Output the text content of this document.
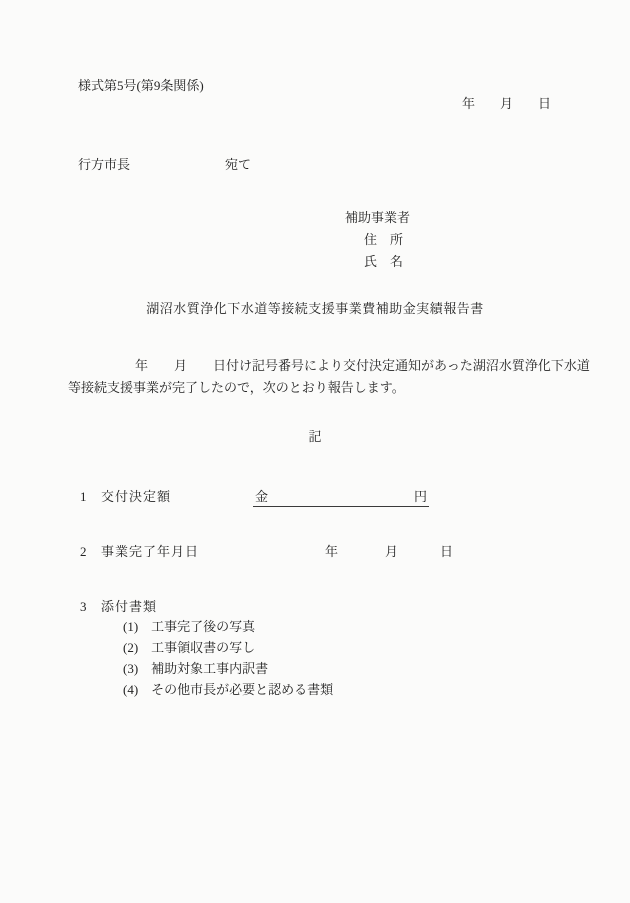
様式第5号(第9条関係)
年 月 日
行方市長	宛て
補助事業者
住　所
氏　名
湖沼水質浄化下水道等接続支援事業費補助金実績報告書
年　　月　　日付け記号番号により交付決定通知があった湖沼水質浄化下水道
等接続支援事業が完了したので，次のとおり報告します。
記
1 交付決定額	金	円
2 事業完了年月日	年	月	日
3 添付書類
(1)　工事完了後の写真
(2)　工事領収書の写し
(3)　補助対象工事内訳書
(4)　その他市長が必要と認める書類
